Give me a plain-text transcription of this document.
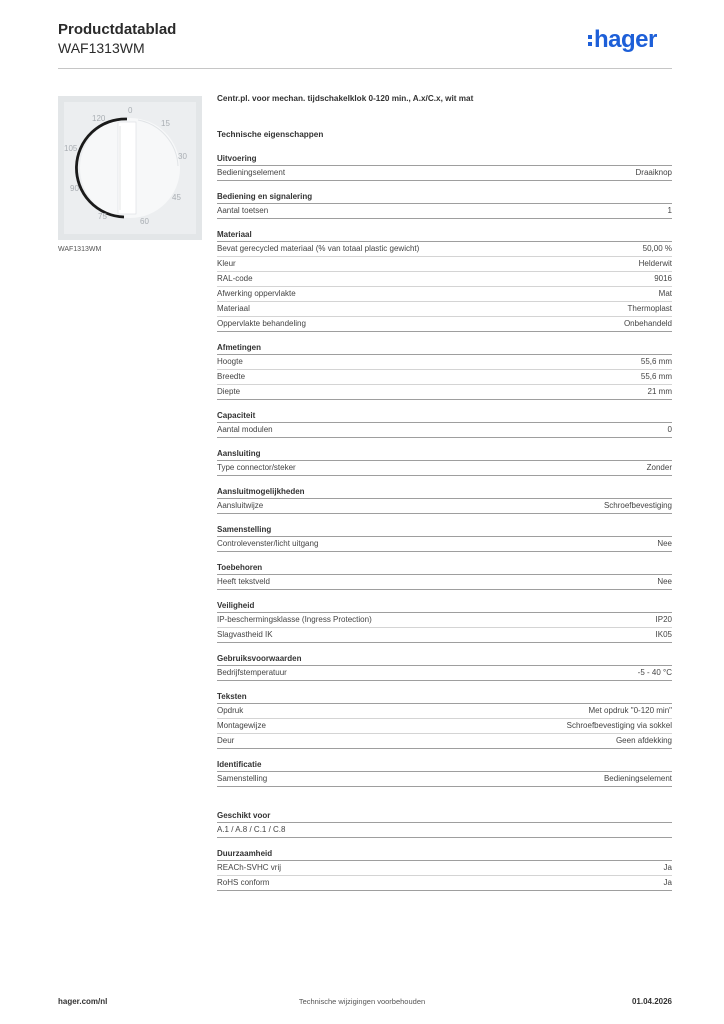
Productdatablad
WAF1313WM	hager
0
15
30
45
60
75
90
105
120
WAF1313WM
Centr.pl. voor mechan. tijdschakelklok 0-120 min., A.x/C.x, wit mat
Technische eigenschappen
Uitvoering
Bedieningselement	Draaiknop
Bediening en signalering
Aantal toetsen	1
Materiaal
Bevat gerecycled materiaal (% van totaal plastic gewicht)	50,00 %
Kleur	Helderwit
RAL-code	9016
Afwerking oppervlakte	Mat
Materiaal	Thermoplast
Oppervlakte behandeling	Onbehandeld
Afmetingen
Hoogte	55,6 mm
Breedte	55,6 mm
Diepte	21 mm
Capaciteit
Aantal modulen	0
Aansluiting
Type connector/steker	Zonder
Aansluitmogelijkheden
Aansluitwijze	Schroefbevestiging
Samenstelling
Controlevenster/licht uitgang	Nee
Toebehoren
Heeft tekstveld	Nee
Veiligheid
IP-beschermingsklasse (Ingress Protection)	IP20
Slagvastheid IK	IK05
Gebruiksvoorwaarden
Bedrijfstemperatuur	-5 - 40 °C
Teksten
Opdruk	Met opdruk "0-120 min"
Montagewijze	Schroefbevestiging via sokkel
Deur	Geen afdekking
Identificatie
Samenstelling	Bedieningselement
Geschikt voor
A.1 / A.8 / C.1 / C.8
Duurzaamheid
REACh-SVHC vrij	Ja
RoHS conform	Ja
hager.com/nl	Technische wijzigingen voorbehouden	01.04.2026
